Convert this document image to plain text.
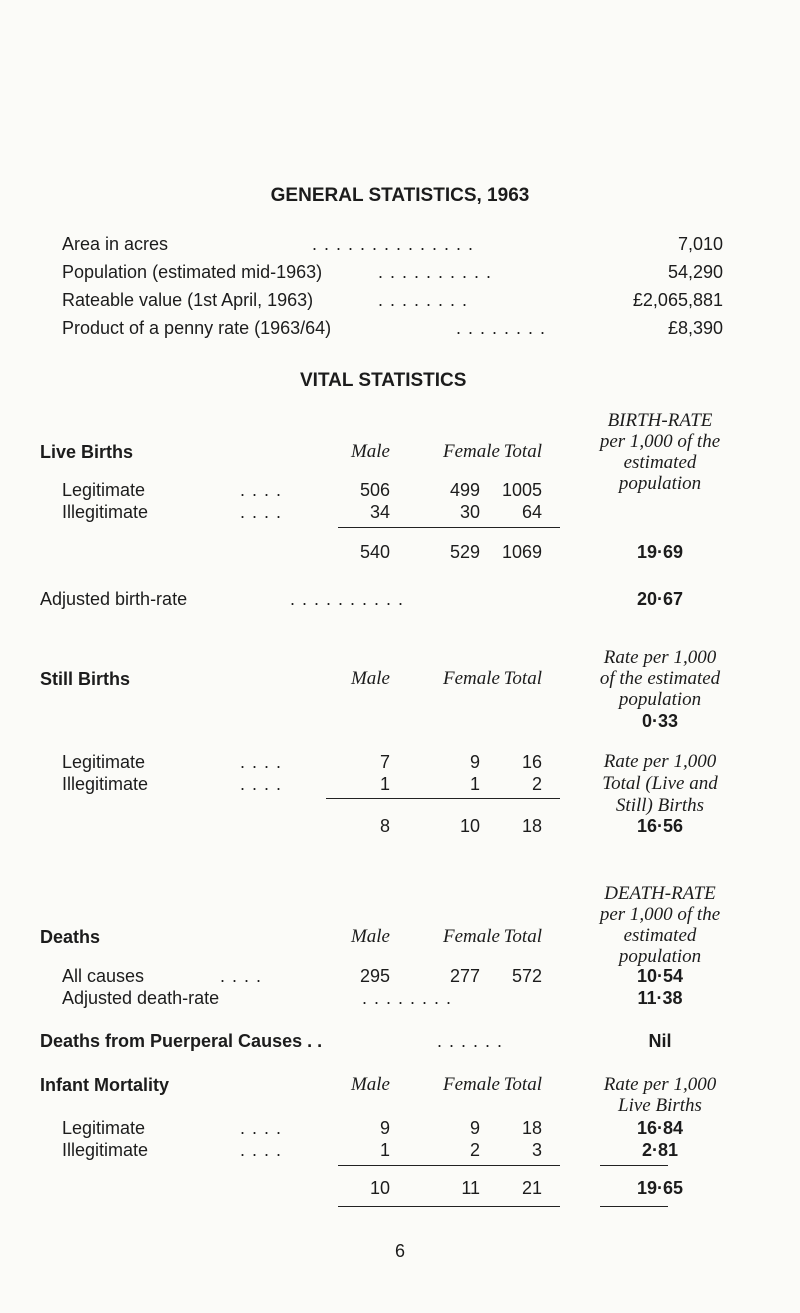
GENERAL STATISTICS, 1963
Area in acres	. . . . . . . . . . . . . .	7,010
Population (estimated mid-1963)	. . . . . . . . . .	54,290
Rateable value (1st April, 1963)	. . . . . . . .	£2,065,881
Product of a penny rate (1963/64)	. . . . . . . .	£8,390
VITAL STATISTICS
BIRTH-RATE
per 1,000 of the
estimated
population
Live Births	Male	Female Total
Legitimate	. . . .	506	499	1005
Illegitimate	. . . .	34	30	64
540	529	1069	19·69
Adjusted birth-rate	. . . . . . . . . .	20·67
Rate per 1,000
of the estimated
population
0·33
Still Births	Male	Female Total
Legitimate	. . . .	7	9	16
Illegitimate	. . . .	1	1	2
Rate per 1,000
Total (Live and
Still) Births
8	10	18	16·56
DEATH-RATE
per 1,000 of the
estimated
population
Deaths	Male	Female Total
All causes	. . . .	295	277	572	10·54
Adjusted death-rate	. . . . . . . .	11·38
Deaths from Puerperal Causes . .	. . . . . .	Nil
Infant Mortality	Male	Female Total	Rate per 1,000
Live Births
Legitimate	. . . .	9	9	18	16·84
Illegitimate	. . . .	1	2	3	2·81
10	11	21	19·65
6
